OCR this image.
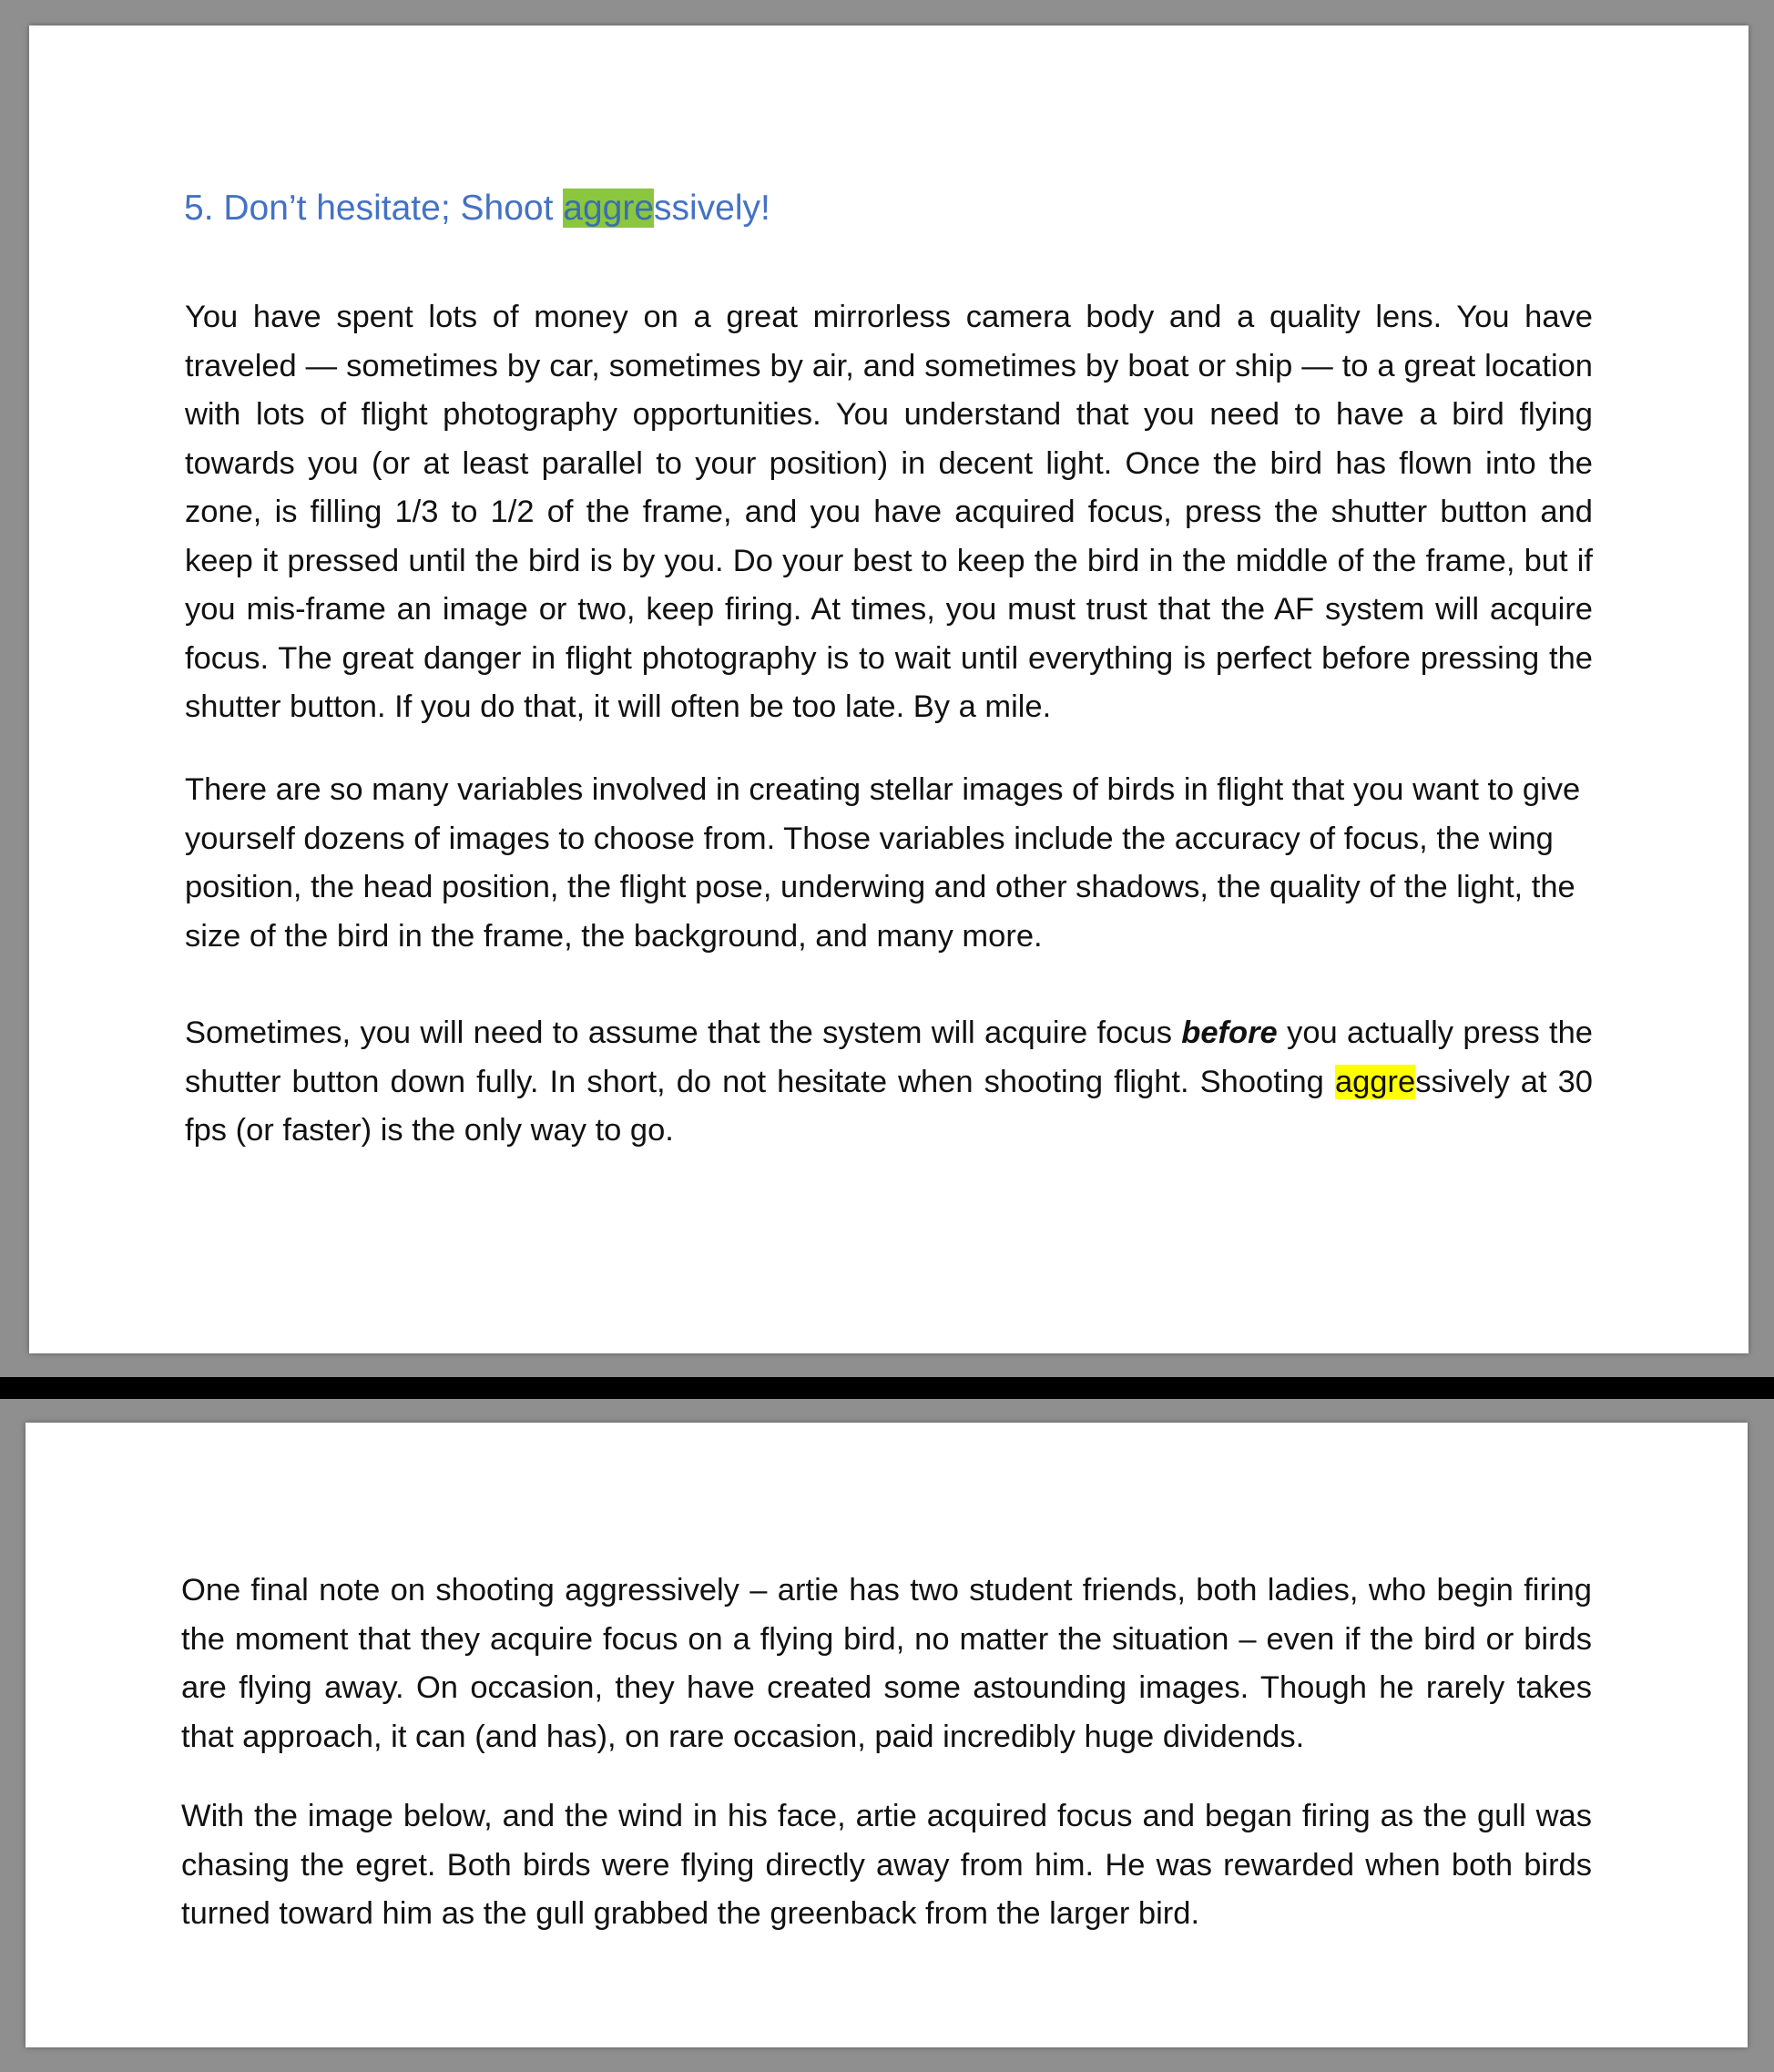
5. Don’t hesitate; Shoot aggressively!

You have spent lots of money on a great mirrorless camera body and a quality lens. You have traveled — sometimes by car, sometimes by air, and sometimes by boat or ship — to a great location with lots of flight photography opportunities. You understand that you need to have a bird flying towards you (or at least parallel to your position) in decent light. Once the bird has flown into the zone, is filling 1/3 to 1/2 of the frame, and you have acquired focus, press the shutter button and keep it pressed until the bird is by you. Do your best to keep the bird in the middle of the frame, but if you mis-frame an image or two, keep firing. At times, you must trust that the AF system will acquire focus. The great danger in flight photography is to wait until everything is perfect before pressing the shutter button. If you do that, it will often be too late. By a mile.

There are so many variables involved in creating stellar images of birds in flight that you want to give yourself dozens of images to choose from. Those variables include the accuracy of focus, the wing position, the head position, the flight pose, underwing and other shadows, the quality of the light, the size of the bird in the frame, the background, and many more.

Sometimes, you will need to assume that the system will acquire focus before you actually press the shutter button down fully. In short, do not hesitate when shooting flight. Shooting aggressively at 30 fps (or faster) is the only way to go.

One final note on shooting aggressively – artie has two student friends, both ladies, who begin firing the moment that they acquire focus on a flying bird, no matter the situation – even if the bird or birds are flying away. On occasion, they have created some astounding images. Though he rarely takes that approach, it can (and has), on rare occasion, paid incredibly huge dividends.

With the image below, and the wind in his face, artie acquired focus and began firing as the gull was chasing the egret. Both birds were flying directly away from him. He was rewarded when both birds turned toward him as the gull grabbed the greenback from the larger bird.
